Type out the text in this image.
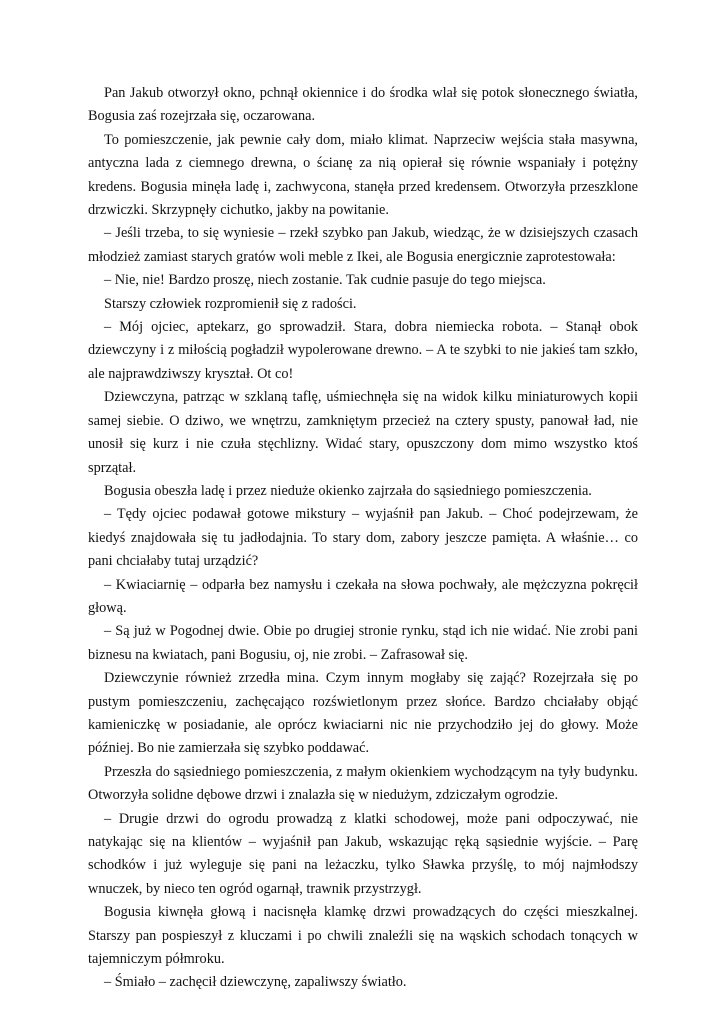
Pan Jakub otworzył okno, pchnął okiennice i do środka wlał się potok słonecznego światła, Bogusia zaś rozejrzała się, oczarowana.

To pomieszczenie, jak pewnie cały dom, miało klimat. Naprzeciw wejścia stała masywna, antyczna lada z ciemnego drewna, o ścianę za nią opierał się równie wspaniały i potężny kredens. Bogusia minęła ladę i, zachwycona, stanęła przed kredensem. Otworzyła przeszklone drzwiczki. Skrzypnęły cichutko, jakby na powitanie.

– Jeśli trzeba, to się wyniesie – rzekł szybko pan Jakub, wiedząc, że w dzisiejszych czasach młodzież zamiast starych gratów woli meble z Ikei, ale Bogusia energicznie zaprotestowała:

– Nie, nie! Bardzo proszę, niech zostanie. Tak cudnie pasuje do tego miejsca.

Starszy człowiek rozpromienił się z radości.

– Mój ojciec, aptekarz, go sprowadził. Stara, dobra niemiecka robota. – Stanął obok dziewczyny i z miłością pogładził wypolerowane drewno. – A te szybki to nie jakieś tam szkło, ale najprawdziwszy kryształ. Ot co!

Dziewczyna, patrząc w szklaną taflę, uśmiechnęła się na widok kilku miniaturowych kopii samej siebie. O dziwo, we wnętrzu, zamkniętym przecież na cztery spusty, panował ład, nie unosił się kurz i nie czuła stęchlizny. Widać stary, opuszczony dom mimo wszystko ktoś sprzątał.

Bogusia obeszła ladę i przez nieduże okienko zajrzała do sąsiedniego pomieszczenia.

– Tędy ojciec podawał gotowe mikstury – wyjaśnił pan Jakub. – Choć podejrzewam, że kiedyś znajdowała się tu jadłodajnia. To stary dom, zabory jeszcze pamięta. A właśnie… co pani chciałaby tutaj urządzić?

– Kwiaciarnię – odparła bez namysłu i czekała na słowa pochwały, ale mężczyzna pokręcił głową.

– Są już w Pogodnej dwie. Obie po drugiej stronie rynku, stąd ich nie widać. Nie zrobi pani biznesu na kwiatach, pani Bogusiu, oj, nie zrobi. – Zafrasował się.

Dziewczynie również zrzedła mina. Czym innym mogłaby się zająć? Rozejrzała się po pustym pomieszczeniu, zachęcająco rozświetlonym przez słońce. Bardzo chciałaby objąć kamieniczkę w posiadanie, ale oprócz kwiaciarni nic nie przychodziło jej do głowy. Może później. Bo nie zamierzała się szybko poddawać.

Przeszła do sąsiedniego pomieszczenia, z małym okienkiem wychodzącym na tyły budynku. Otworzyła solidne dębowe drzwi i znalazła się w niedużym, zdziczałym ogrodzie.

– Drugie drzwi do ogrodu prowadzą z klatki schodowej, może pani odpoczywać, nie natykając się na klientów – wyjaśnił pan Jakub, wskazując ręką sąsiednie wyjście. – Parę schodków i już wyleguje się pani na leżaczku, tylko Sławka przyślę, to mój najmłodszy wnuczek, by nieco ten ogród ogarnął, trawnik przystrzygł.

Bogusia kiwnęła głową i nacisnęła klamkę drzwi prowadzących do części mieszkalnej. Starszy pan pospieszył z kluczami i po chwili znaleźli się na wąskich schodach tonących w tajemniczym półmroku.

– Śmiało – zachęcił dziewczynę, zapaliwszy światło.
